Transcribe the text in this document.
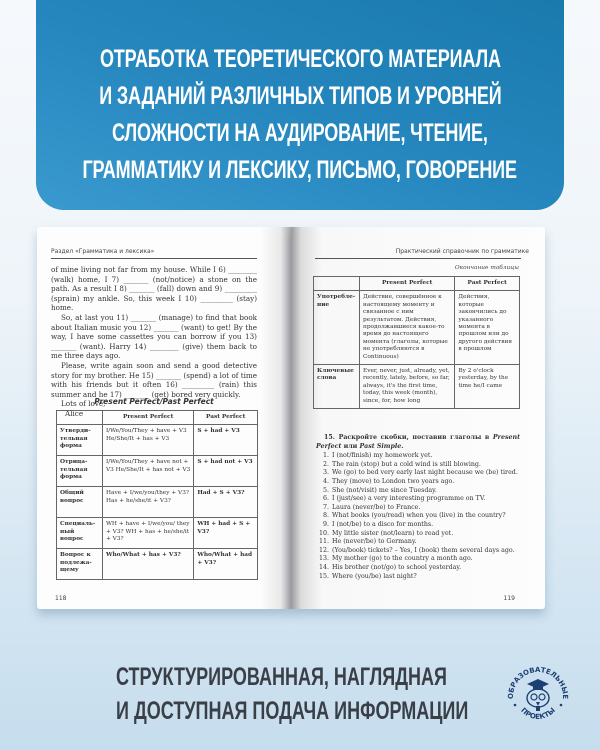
ОТРАБОТКА ТЕОРЕТИЧЕСКОГО МАТЕРИАЛА
И ЗАДАНИЙ РАЗЛИЧНЫХ ТИПОВ И УРОВНЕЙ
СЛОЖНОСТИ НА АУДИРОВАНИЕ, ЧТЕНИЕ,
ГРАММАТИКУ И ЛЕКСИКУ, ПИСЬМО, ГОВОРЕНИЕ
Раздел «Грамматика и лексика»

of mine living not far from my house. While I 6) ________ (walk) home, I 7) _______ (not/notice) a stone on the path. As a result I 8) _______ (fall) down and 9) _________ (sprain) my ankle. So, this week I 10) _________ (stay) home.

So, at last you 11) _______ (manage) to find that book about Italian music you 12) _______ (want) to get! By the way, I have some cassettes you can borrow if you 13) _______ (want). Harry 14) ________ (give) them back to me three days ago.

Please, write again soon and send a good detective story for my brother. He 15) _______ (spend) a lot of time with his friends but it often 16) _________ (rain) this summer and he 17) _______ (get) bored very quickly.

Lots of love,
Alice
Present Perfect/Past Perfect
	Present Perfect	Past Perfect
Утверди-тельная форма	I/We/You/They + have + V3 He/She/It + has + V3	S + had + V3
Отрица-тельная форма	I/We/You/They + have not + V3 He/She/It + has not + V3	S + had not + V3
Общий вопрос	Have + I/we/you/they + V3? Has + he/she/it + V3?	Had + S + V3?
Специаль-ный вопрос	WH + have + I/we/you/ they + V3? WH + has + he/she/it + V3?	WH + had + S + V3?
Вопрос к подлежа-щему	Who/What + has + V3?	Who/What + had + V3?
118
Практический справочник по грамматике
Окончание таблицы
	Present Perfect	Past Perfect
Употребле-ние	Действие, совершённое к настоящему моменту и связанное с ним результатом. Действия, продолжавшиеся какое-то время до настоящего момента (глаголы, которые не употребляются в Continuous)	Действия, которые закончились до указанного момента в прошлом или до другого действия в прошлом
Ключевые слова	Ever, never, just, already, yet, recently, lately, before, so far, always, it's the first time, today, this week (month), since, for, how long	By 2 o'clock yesterday, by the time he/I came
15. Раскройте скобки, поставив глаголы в Present Perfect или Past Simple.
1. I (not/finish) my homework yet.
2. The rain (stop) but a cold wind is still blowing.
3. We (go) to bed very early last night because we (be) tired.
4. They (move) to London two years ago.
5. She (not/visit) me since Tuesday.
6. I (just/see) a very interesting programme on TV.
7. Laura (never/be) to France.
8. What books (you/read) when you (live) in the country?
9. I (not/be) to a disco for months.
10. My little sister (not/learn) to read yet.
11. He (never/be) to Germany.
12. (You/book) tickets? – Yes, I (book) them several days ago.
13. My mother (go) to the country a month ago.
14. His brother (not/go) to school yesterday.
15. Where (you/be) last night?
119
СТРУКТУРИРОВАННАЯ, НАГЛЯДНАЯ
И ДОСТУПНАЯ ПОДАЧА ИНФОРМАЦИИ
ОБРАЗОВАТЕЛЬНЫЕ
ПРОЕКТЫ
